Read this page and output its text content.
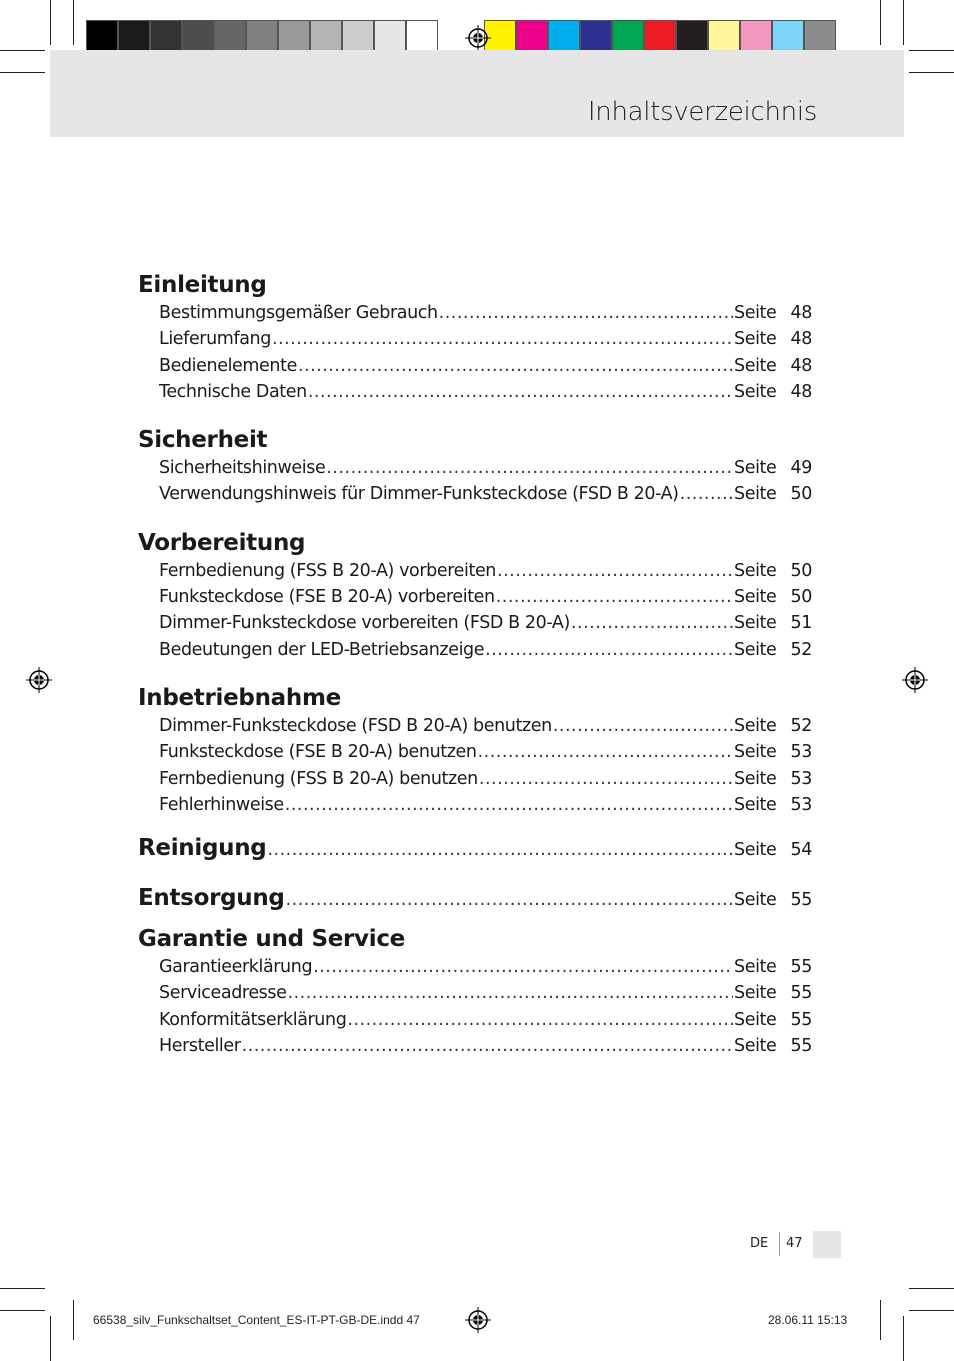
Inhaltsverzeichnis
Einleitung
Bestimmungsgemäßer Gebrauch .....	Seite 48
Lieferumfang .....	Seite 48
Bedienelemente .....	Seite 48
Technische Daten .....	Seite 48
Sicherheit
Sicherheitshinweise .....	Seite 49
Verwendungshinweis für Dimmer-Funksteckdose (FSD B 20-A) .....	Seite 50
Vorbereitung
Fernbedienung (FSS B 20-A) vorbereiten .....	Seite 50
Funksteckdose (FSE B 20-A) vorbereiten .....	Seite 50
Dimmer-Funksteckdose vorbereiten (FSD B 20-A) .....	Seite 51
Bedeutungen der LED-Betriebsanzeige .....	Seite 52
Inbetriebnahme
Dimmer-Funksteckdose (FSD B 20-A) benutzen .....	Seite 52
Funksteckdose (FSE B 20-A) benutzen .....	Seite 53
Fernbedienung (FSS B 20-A) benutzen .....	Seite 53
Fehlerhinweise .....	Seite 53
Reinigung .....	Seite 54
Entsorgung .....	Seite 55
Garantie und Service
Garantieerklärung .....	Seite 55
Serviceadresse .....	Seite 55
Konformitätserklärung .....	Seite 55
Hersteller .....	Seite 55
DE 47
66538_silv_Funkschaltset_Content_ES-IT-PT-GB-DE.indd 47	28.06.11 15:13
